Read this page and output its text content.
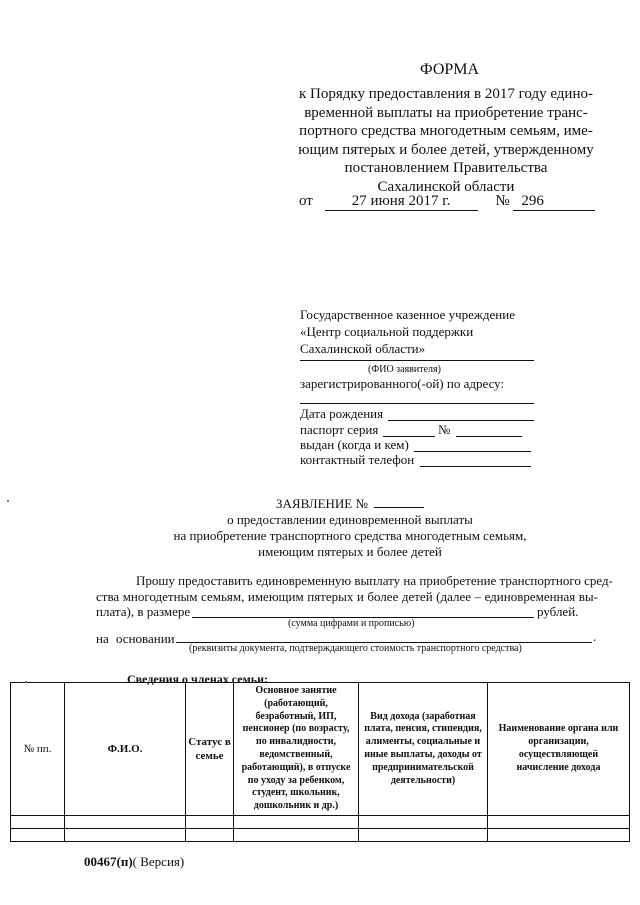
ФОРМА
к Порядку предоставления в 2017 году едино-
временной выплаты на приобретение транс-
портного средства многодетным семьям, име-
ющим пятерых и более детей, утвержденному
постановлением Правительства
Сахалинской области
от	27 июня 2017 г.	№ 296
Государственное казенное учреждение
«Центр социальной поддержки
Сахалинской области»
(ФИО заявителя)
зарегистрированного(-ой) по адресу:
Дата рождения
паспорт серия	№
выдан (когда и кем)
контактный телефон
ЗАЯВЛЕНИЕ №
о предоставлении единовременной выплаты
на приобретение транспортного средства многодетным семьям,
имеющим пятерых и более детей
Прошу предоставить единовременную выплату на приобретение транспортного сред-
ства многодетным семьям, имеющим пятерых и более детей (далее – единовременная вы-
плата), в размере	рублей.
(сумма цифрами и прописью)
на основании	.
(реквизиты документа, подтверждающего стоимость транспортного средства)
Сведения о членах семьи:
№ пп.	Ф.И.О.	Статус в семье	Основное занятие (работающий, безработный, ИП, пенсионер (по возрасту, по инвалидности, ведомственный, работающий), в отпуске по уходу за ребенком, студент, школьник, дошкольник и др.)	Вид дохода (заработная плата, пенсия, стипендия, алименты, социальные и иные выплаты, доходы от предпринимательской деятельности)	Наименование органа или организации, осуществляющей начисление дохода

00467(п)( Версия)
